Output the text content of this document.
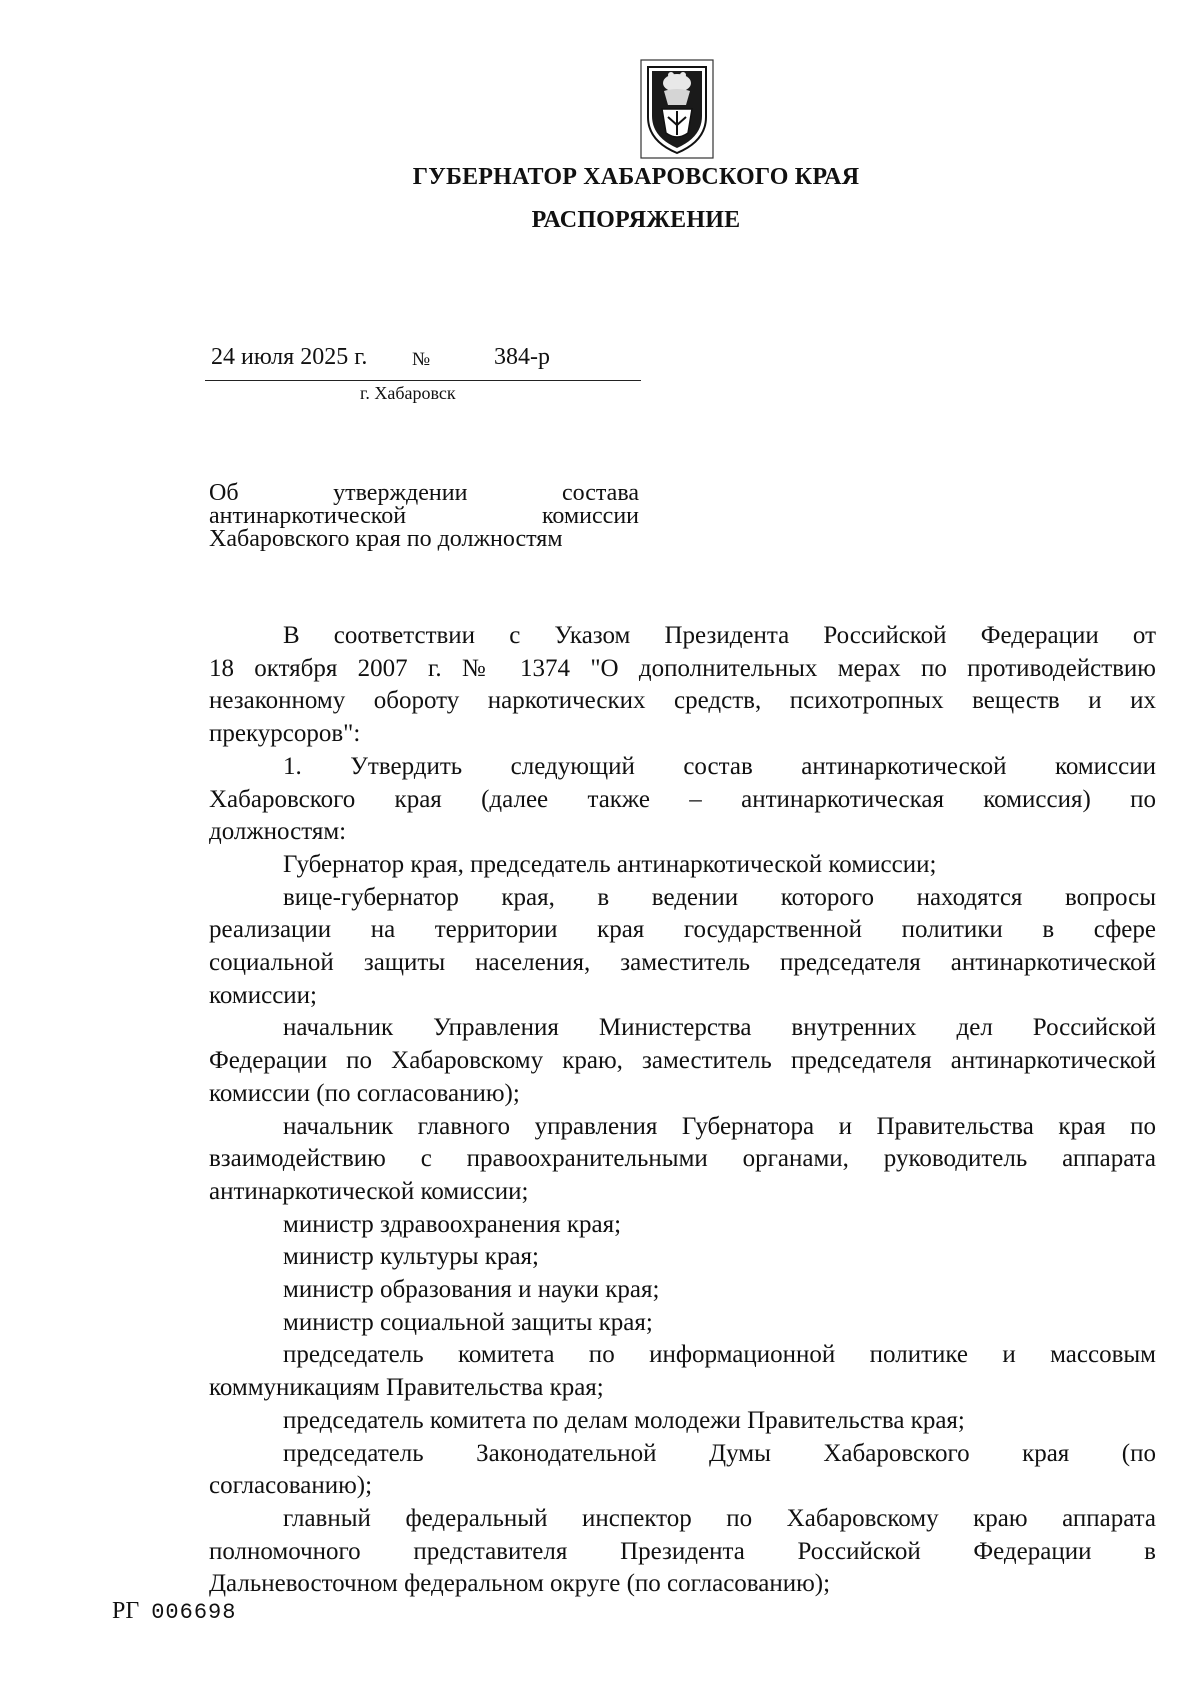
ГУБЕРНАТОР ХАБАРОВСКОГО КРАЯ
РАСПОРЯЖЕНИЕ
24 июля 2025 г. №	384-р
г. Хабаровск
Об утверждении состава
антинаркотической комиссии
Хабаровского края по должностям
В соответствии с Указом Президента Российской Федерации от
18 октября 2007 г. № 1374 "О дополнительных мерах по противодействию
незаконному обороту наркотических средств, психотропных веществ и их
прекурсоров":
1. Утвердить следующий состав антинаркотической комиссии
Хабаровского края (далее также – антинаркотическая комиссия) по
должностям:
Губернатор края, председатель антинаркотической комиссии;
вице-губернатор края, в ведении которого находятся вопросы
реализации на территории края государственной политики в сфере
социальной защиты населения, заместитель председателя антинаркотической
комиссии;
начальник Управления Министерства внутренних дел Российской
Федерации по Хабаровскому краю, заместитель председателя антинаркотической
комиссии (по согласованию);
начальник главного управления Губернатора и Правительства края по
взаимодействию с правоохранительными органами, руководитель аппарата
антинаркотической комиссии;
министр здравоохранения края;
министр культуры края;
министр образования и науки края;
министр социальной защиты края;
председатель комитета по информационной политике и массовым
коммуникациям Правительства края;
председатель комитета по делам молодежи Правительства края;
председатель Законодательной Думы Хабаровского края (по
согласованию);
главный федеральный инспектор по Хабаровскому краю аппарата
полномочного представителя Президента Российской Федерации в
Дальневосточном федеральном округе (по согласованию);
РГ 006698
